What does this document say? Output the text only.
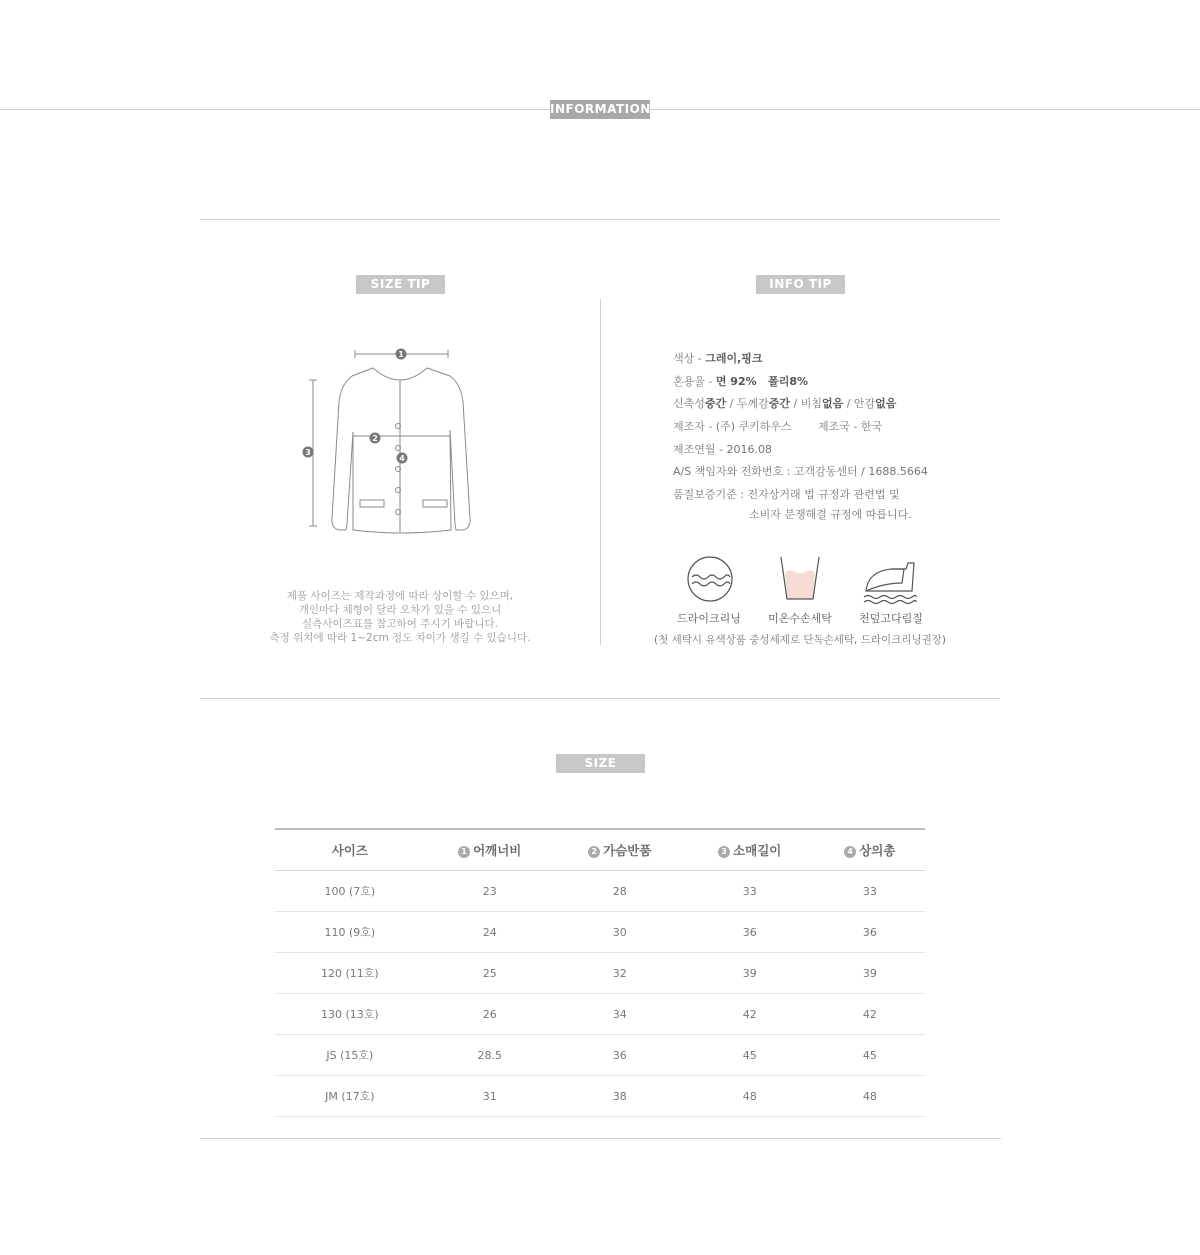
INFORMATION
SIZE TIP
1
2
3
4
제품 사이즈는 제작과정에 따라 상이할 수 있으며,
개인마다 체형이 달라 오차가 있을 수 있으니
실측사이즈표를 참고하여 주시기 바랍니다.
측정 위치에 따라 1~2cm 정도 차이가 생길 수 있습니다.
INFO TIP
색상 - 그레이,핑크
혼용율 - 면 92%   폴리8%
신축성중간 / 두께감중간 / 비침없음 / 안감없음
제조자 - (주) 쿠키하우스 제조국 - 한국
제조연월 - 2016.08
A/S 책임자와 전화번호 : 고객감동센터 / 1688.5664
품질보증기준 : 전자상거래 법 규정과 관련법 및
소비자 분쟁해결 규정에 따릅니다.
드라이크리닝	미온수손세탁	천덮고다림질
(첫 세탁시 유색상품 중성세제로 단독손세탁, 드라이크리닝권장)
SIZE
사이즈	1 어깨너비	2 가슴반품	3 소매길이	4 상의총
100 (7호)	23	28	33	33
110 (9호)	24	30	36	36
120 (11호)	25	32	39	39
130 (13호)	26	34	42	42
JS (15호)	28.5	36	45	45
JM (17호)	31	38	48	48
